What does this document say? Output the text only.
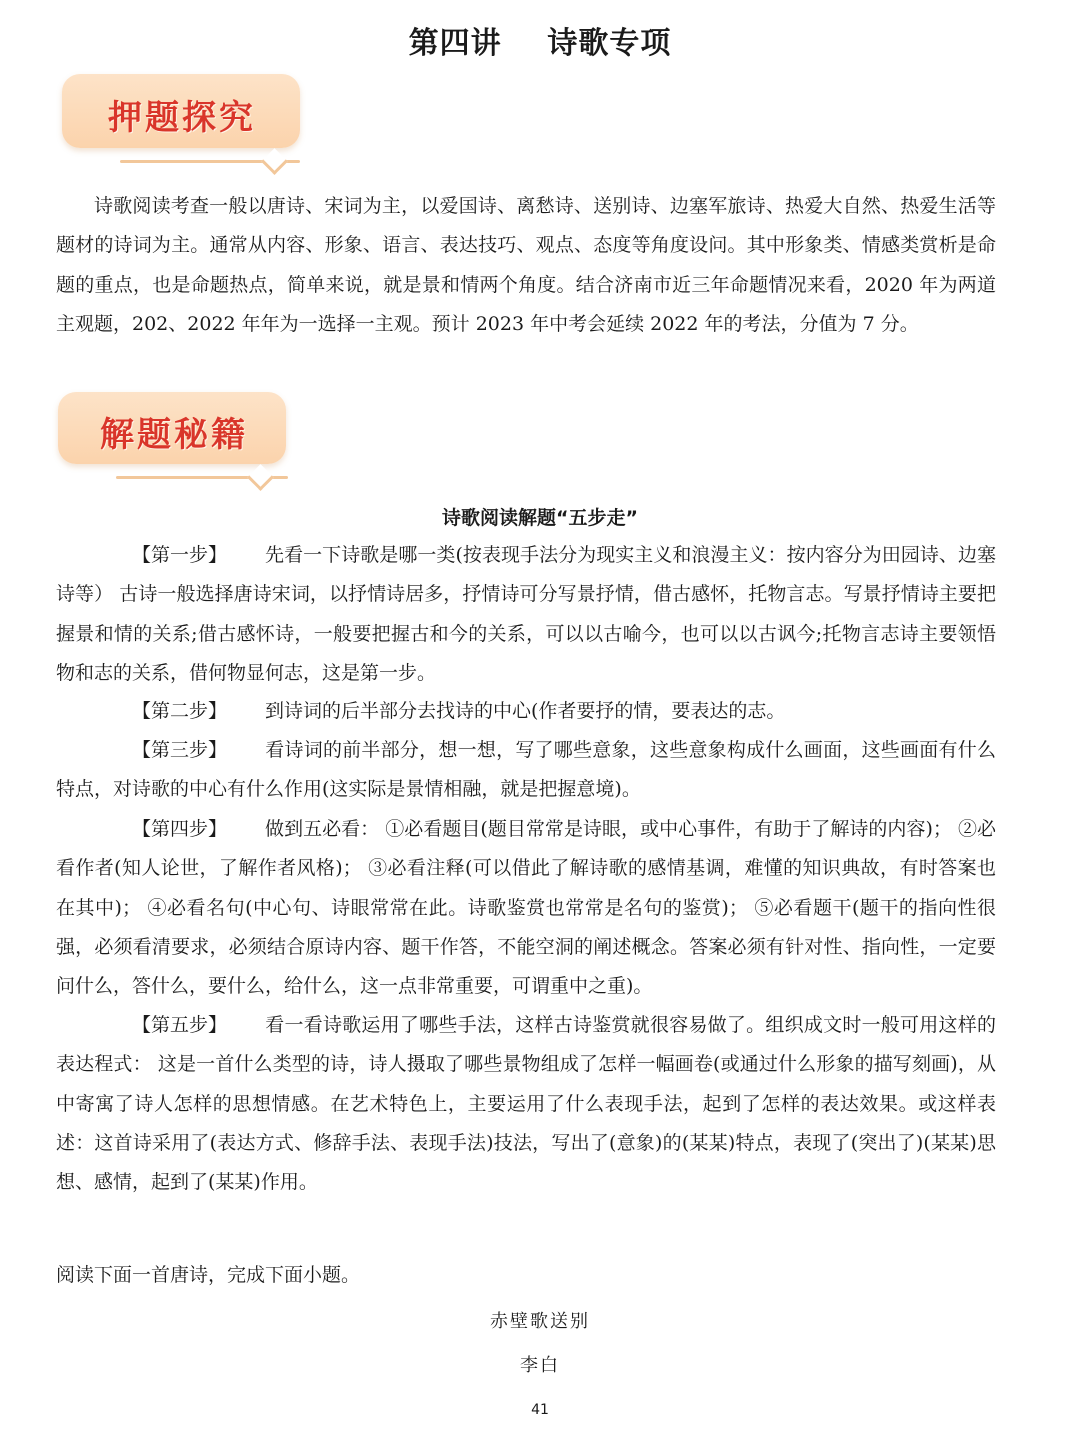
第四讲    诗歌专项
押题探究

诗歌阅读考查一般以唐诗、宋词为主，以爱国诗、离愁诗、送别诗、边塞军旅诗、热爱大自然、热爱生活等题材的诗词为主。通常从内容、形象、语言、表达技巧、观点、态度等角度设问。其中形象类、情感类赏析是命题的重点，也是命题热点，简单来说，就是景和情两个角度。结合济南市近三年命题情况来看，2020 年为两道主观题，202、2022 年年为一选择一主观。预计 2023 年中考会延续 2022 年的考法，分值为 7 分。

解题秘籍
诗歌阅读解题“五步走”

【第一步】 先看一下诗歌是哪一类(按表现手法分为现实主义和浪漫主义：按内容分为田园诗、边塞诗等） 古诗一般选择唐诗宋词，以抒情诗居多，抒情诗可分写景抒情，借古感怀，托物言志。写景抒情诗主要把握景和情的关系;借古感怀诗，一般要把握古和今的关系，可以以古喻今，也可以以古讽今;托物言志诗主要领悟物和志的关系，借何物显何志，这是第一步。

【第二步】 到诗词的后半部分去找诗的中心(作者要抒的情，要表达的志。

【第三步】 看诗词的前半部分，想一想，写了哪些意象，这些意象构成什么画面，这些画面有什么特点，对诗歌的中心有什么作用(这实际是景情相融，就是把握意境)。

【第四步】 做到五必看： ①必看题目(题目常常是诗眼，或中心事件，有助于了解诗的内容)； ②必看作者(知人论世，了解作者风格)； ③必看注释(可以借此了解诗歌的感情基调，难懂的知识典故，有时答案也在其中)； ④必看名句(中心句、诗眼常常在此。诗歌鉴赏也常常是名句的鉴赏)； ⑤必看题干(题干的指向性很强，必须看清要求，必须结合原诗内容、题干作答，不能空洞的阐述概念。答案必须有针对性、指向性，一定要问什么，答什么，要什么，给什么，这一点非常重要，可谓重中之重)。

【第五步】 看一看诗歌运用了哪些手法，这样古诗鉴赏就很容易做了。组织成文时一般可用这样的表达程式： 这是一首什么类型的诗，诗人摄取了哪些景物组成了怎样一幅画卷(或通过什么形象的描写刻画)，从中寄寓了诗人怎样的思想情感。在艺术特色上，主要运用了什么表现手法，起到了怎样的表达效果。或这样表述：这首诗采用了(表达方式、修辞手法、表现手法)技法，写出了(意象)的(某某)特点，表现了(突出了)(某某)思想、感情，起到了(某某)作用。

阅读下面一首唐诗，完成下面小题。

赤壁歌送别
李白
41
